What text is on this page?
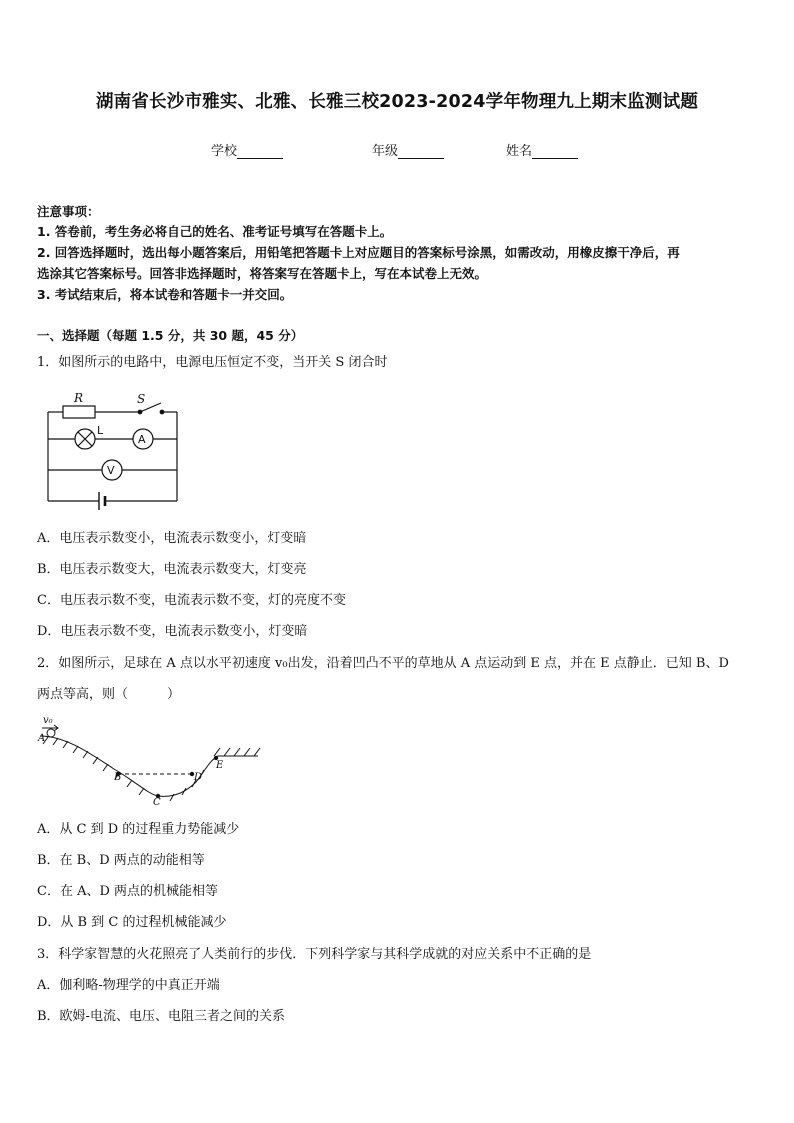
湖南省长沙市雅实、北雅、长雅三校2023-2024学年物理九上期末监测试题
学校	年级	姓名
注意事项：
1. 答卷前，考生务必将自己的姓名、准考证号填写在答题卡上。
2. 回答选择题时，选出每小题答案后，用铅笔把答题卡上对应题目的答案标号涂黑，如需改动，用橡皮擦干净后，再
选涂其它答案标号。回答非选择题时，将答案写在答题卡上，写在本试卷上无效。
3. 考试结束后，将本试卷和答题卡一并交回。
一、选择题（每题 1.5 分，共 30 题，45 分）
1．如图所示的电路中，电源电压恒定不变，当开关 S 闭合时
R	S
L
A
V
A．电压表示数变小，电流表示数变小，灯变暗
B．电压表示数变大，电流表示数变大，灯变亮
C．电压表示数不变，电流表示数不变，灯的亮度不变
D．电压表示数不变，电流表示数变小，灯变暗
2．如图所示，足球在 A 点以水平初速度 v₀出发，沿着凹凸不平的草地从 A 点运动到 E 点，并在 E 点静止．已知 B、D
两点等高，则（　　　）
v₀
A
B
C
D
E
A．从 C 到 D 的过程重力势能减少
B．在 B、D 两点的动能相等
C．在 A、D 两点的机械能相等
D．从 B 到 C 的过程机械能减少
3．科学家智慧的火花照亮了人类前行的步伐．下列科学家与其科学成就的对应关系中不正确的是
A．伽利略-物理学的中真正开端
B．欧姆-电流、电压、电阻三者之间的关系
